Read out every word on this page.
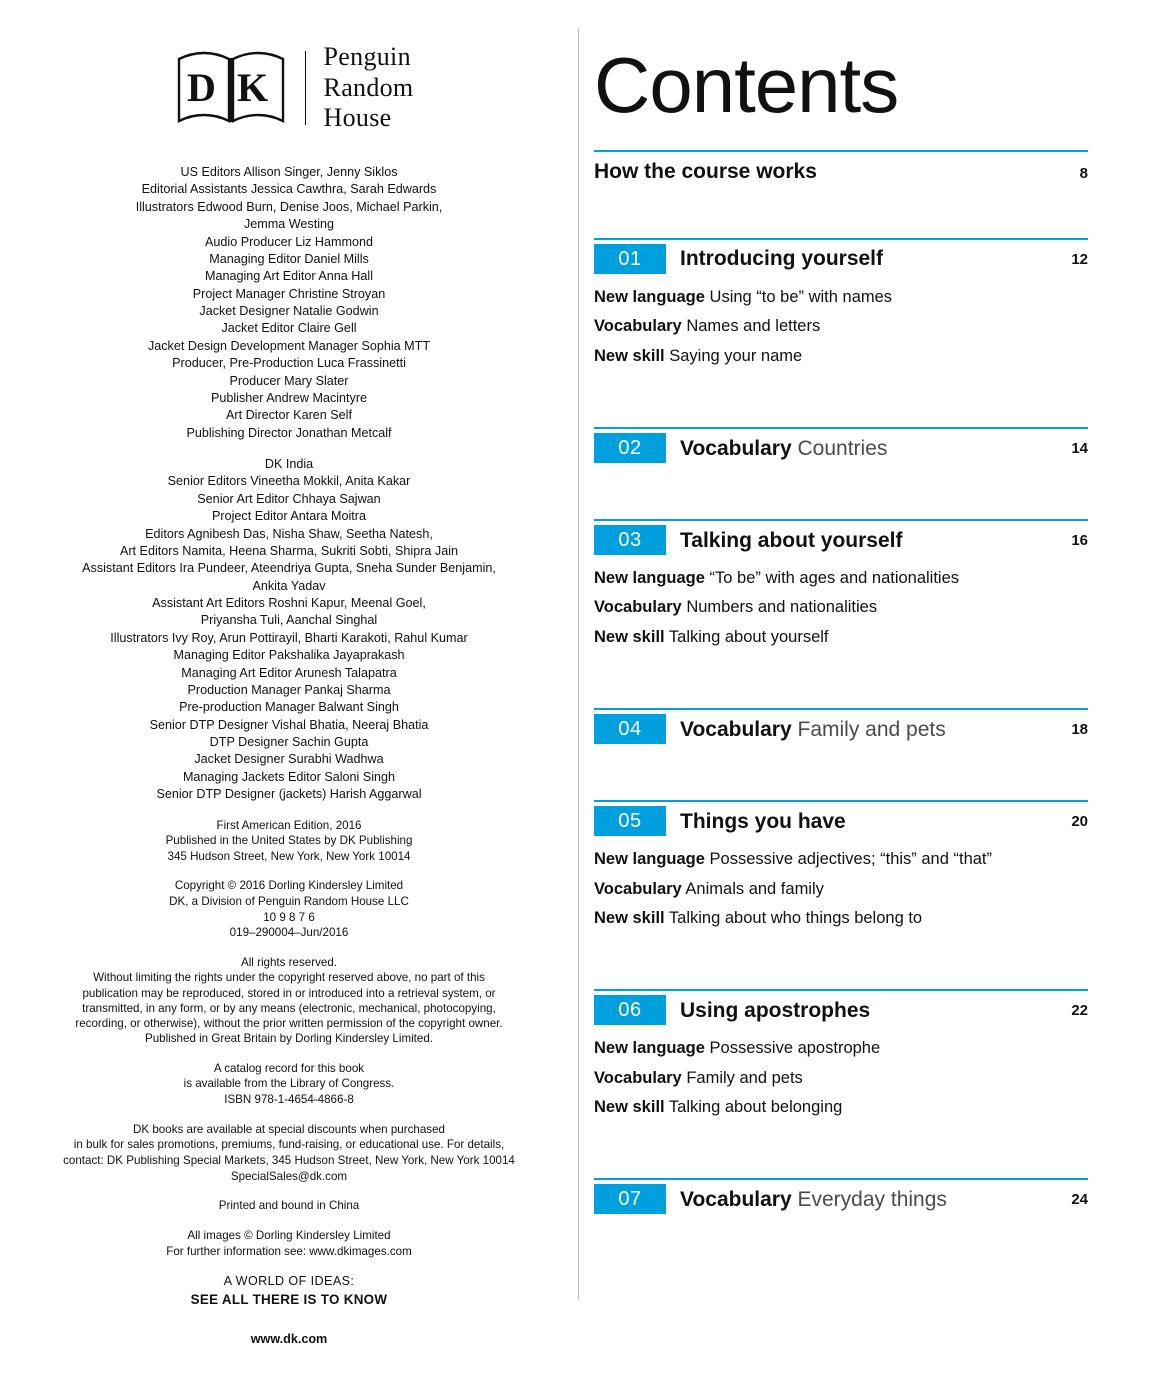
D K
Penguin
Random
House
US Editors Allison Singer, Jenny Siklos
Editorial Assistants Jessica Cawthra, Sarah Edwards
Illustrators Edwood Burn, Denise Joos, Michael Parkin,
Jemma Westing
Audio Producer Liz Hammond
Managing Editor Daniel Mills
Managing Art Editor Anna Hall
Project Manager Christine Stroyan
Jacket Designer Natalie Godwin
Jacket Editor Claire Gell
Jacket Design Development Manager Sophia MTT
Producer, Pre-Production Luca Frassinetti
Producer Mary Slater
Publisher Andrew Macintyre
Art Director Karen Self
Publishing Director Jonathan Metcalf
DK India
Senior Editors Vineetha Mokkil, Anita Kakar
Senior Art Editor Chhaya Sajwan
Project Editor Antara Moitra
Editors Agnibesh Das, Nisha Shaw, Seetha Natesh,
Art Editors Namita, Heena Sharma, Sukriti Sobti, Shipra Jain
Assistant Editors Ira Pundeer, Ateendriya Gupta, Sneha Sunder Benjamin,
Ankita Yadav
Assistant Art Editors Roshni Kapur, Meenal Goel,
Priyansha Tuli, Aanchal Singhal
Illustrators Ivy Roy, Arun Pottirayil, Bharti Karakoti, Rahul Kumar
Managing Editor Pakshalika Jayaprakash
Managing Art Editor Arunesh Talapatra
Production Manager Pankaj Sharma
Pre-production Manager Balwant Singh
Senior DTP Designer Vishal Bhatia, Neeraj Bhatia
DTP Designer Sachin Gupta
Jacket Designer Surabhi Wadhwa
Managing Jackets Editor Saloni Singh
Senior DTP Designer (jackets) Harish Aggarwal
First American Edition, 2016
Published in the United States by DK Publishing
345 Hudson Street, New York, New York 10014
Copyright © 2016 Dorling Kindersley Limited
DK, a Division of Penguin Random House LLC
10 9 8 7 6
019–290004–Jun/2016
All rights reserved.
Without limiting the rights under the copyright reserved above, no part of this
publication may be reproduced, stored in or introduced into a retrieval system, or
transmitted, in any form, or by any means (electronic, mechanical, photocopying,
recording, or otherwise), without the prior written permission of the copyright owner.
Published in Great Britain by Dorling Kindersley Limited.
A catalog record for this book
is available from the Library of Congress.
ISBN 978-1-4654-4866-8
DK books are available at special discounts when purchased
in bulk for sales promotions, premiums, fund-raising, or educational use. For details,
contact: DK Publishing Special Markets, 345 Hudson Street, New York, New York 10014
SpecialSales@dk.com
Printed and bound in China
All images © Dorling Kindersley Limited
For further information see: www.dkimages.com
A WORLD OF IDEAS:
SEE ALL THERE IS TO KNOW
www.dk.com
Contents
How the course works	8
01	Introducing yourself	12
New language Using “to be” with names
Vocabulary Names and letters
New skill Saying your name
02	Vocabulary Countries	14
03	Talking about yourself	16
New language “To be” with ages and nationalities
Vocabulary Numbers and nationalities
New skill Talking about yourself
04	Vocabulary Family and pets	18
05	Things you have	20
New language Possessive adjectives; “this” and “that”
Vocabulary Animals and family
New skill Talking about who things belong to
06	Using apostrophes	22
New language Possessive apostrophe
Vocabulary Family and pets
New skill Talking about belonging
07	Vocabulary Everyday things	24
